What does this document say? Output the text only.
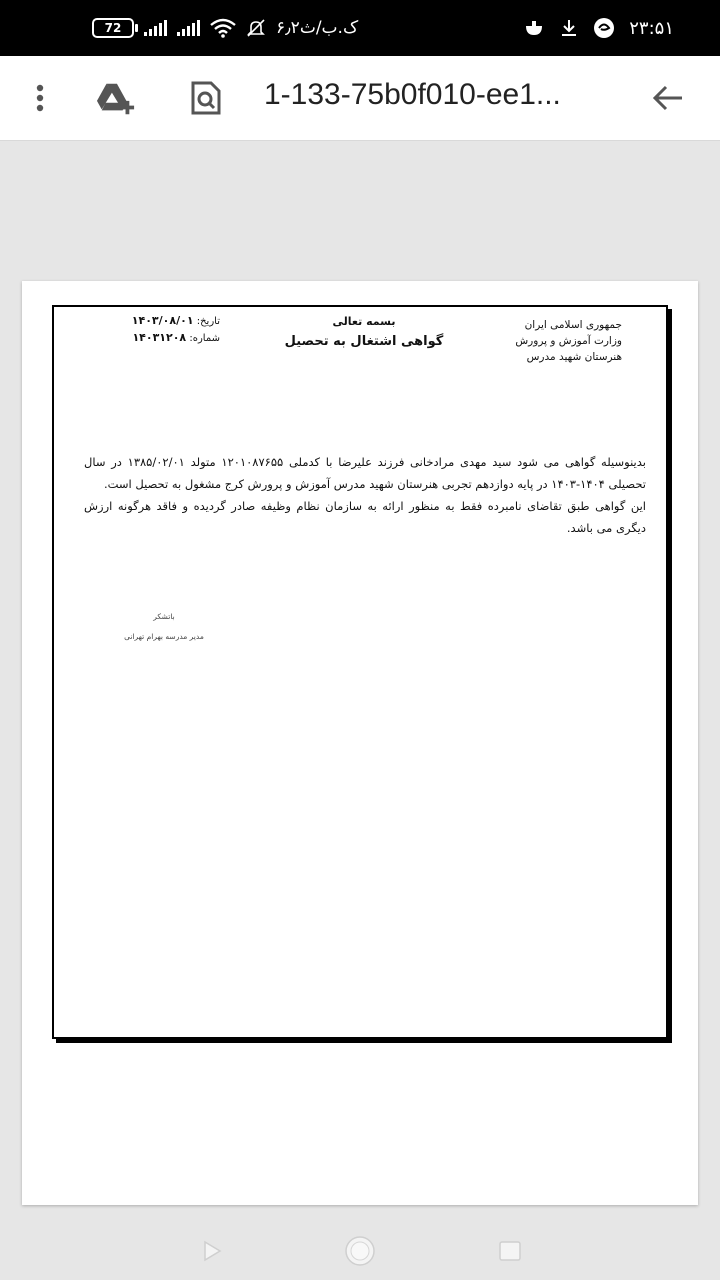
72	۶٫۲ک.ب/ث	۲۳:۵۱
1-133-75b0f010-ee1...
جمهوری اسلامی ایران
وزارت آموزش و پرورش
هنرستان شهید مدرس
بسمه تعالی
گواهی اشتغال به تحصیل
تاریخ: ۱۴۰۳/۰۸/۰۱
شماره: ۱۴۰۳۱۲۰۸

بدینوسیله گواهی می شود سید مهدی مرادخانی فرزند علیرضا با کدملی ۱۲۰۱۰۸۷۶۵۵ متولد ۱۳۸۵/۰۲/۰۱ در سال تحصیلی ۱۴۰۴-۱۴۰۳ در پایه دوازدهم تجربی هنرستان شهید مدرس آموزش و پرورش کرج مشغول به تحصیل است.

این گواهی طبق تقاضای نامبرده فقط به منظور ارائه به سازمان نظام وظیفه صادر گردیده و فاقد هرگونه ارزش دیگری می باشد.

باتشکر
مدیر مدرسه بهرام تهرانی
